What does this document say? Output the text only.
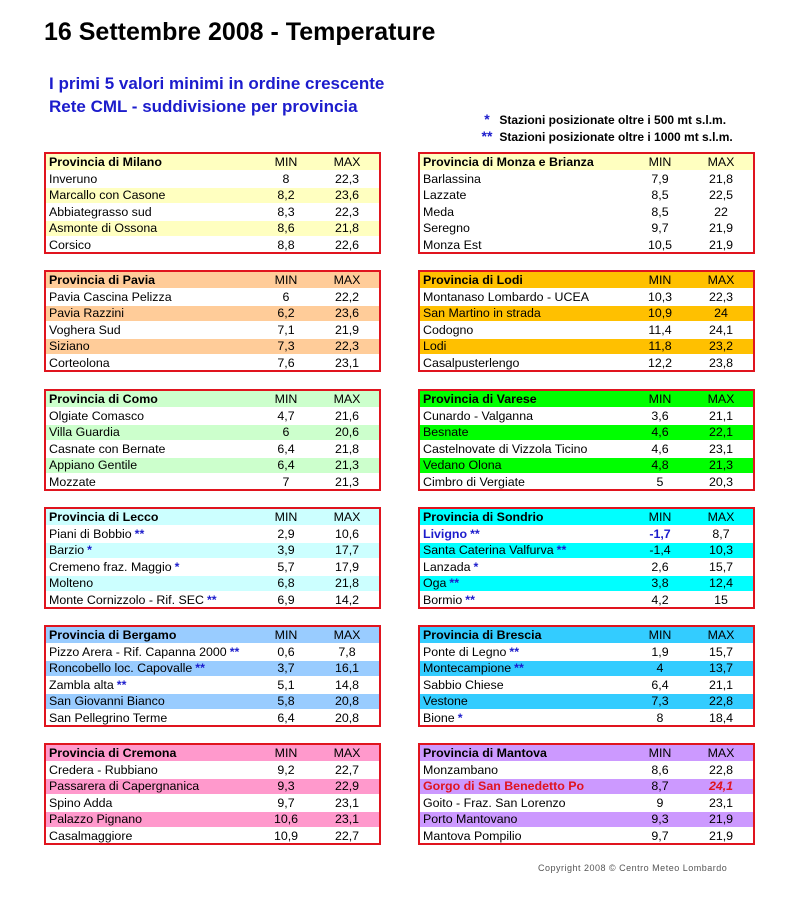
16 Settembre 2008 - Temperature
I primi 5 valori minimi in ordine crescente
Rete CML - suddivisione per provincia
* Stazioni posizionate oltre i 500 mt s.l.m.
** Stazioni posizionate oltre i 1000 mt s.l.m.
Provincia di Milano	MIN	MAX
Inveruno	8	22,3
Marcallo con Casone	8,2	23,6
Abbiategrasso sud	8,3	22,3
Asmonte di Ossona	8,6	21,8
Corsico	8,8	22,6
Provincia di Monza e Brianza	MIN	MAX
Barlassina	7,9	21,8
Lazzate	8,5	22,5
Meda	8,5	22
Seregno	9,7	21,9
Monza Est	10,5	21,9
Provincia di Pavia	MIN	MAX
Pavia Cascina Pelizza	6	22,2
Pavia Razzini	6,2	23,6
Voghera Sud	7,1	21,9
Siziano	7,3	22,3
Corteolona	7,6	23,1
Provincia di Lodi	MIN	MAX
Montanaso Lombardo - UCEA	10,3	22,3
San Martino in strada	10,9	24
Codogno	11,4	24,1
Lodi	11,8	23,2
Casalpusterlengo	12,2	23,8
Provincia di Como	MIN	MAX
Olgiate Comasco	4,7	21,6
Villa Guardia	6	20,6
Casnate con Bernate	6,4	21,8
Appiano Gentile	6,4	21,3
Mozzate	7	21,3
Provincia di Varese	MIN	MAX
Cunardo - Valganna	3,6	21,1
Besnate	4,6	22,1
Castelnovate di Vizzola Ticino	4,6	23,1
Vedano Olona	4,8	21,3
Cimbro di Vergiate	5	20,3
Provincia di Lecco	MIN	MAX
Piani di Bobbio **	2,9	10,6
Barzio *	3,9	17,7
Cremeno fraz. Maggio *	5,7	17,9
Molteno	6,8	21,8
Monte Cornizzolo - Rif. SEC **	6,9	14,2
Provincia di Sondrio	MIN	MAX
Livigno **	-1,7	8,7
Santa Caterina Valfurva **	-1,4	10,3
Lanzada *	2,6	15,7
Oga **	3,8	12,4
Bormio **	4,2	15
Provincia di Bergamo	MIN	MAX
Pizzo Arera - Rif. Capanna 2000 **	0,6	7,8
Roncobello loc. Capovalle **	3,7	16,1
Zambla alta **	5,1	14,8
San Giovanni Bianco	5,8	20,8
San Pellegrino Terme	6,4	20,8
Provincia di Brescia	MIN	MAX
Ponte di Legno **	1,9	15,7
Montecampione **	4	13,7
Sabbio Chiese	6,4	21,1
Vestone	7,3	22,8
Bione *	8	18,4
Provincia di Cremona	MIN	MAX
Credera - Rubbiano	9,2	22,7
Passarera di Capergnanica	9,3	22,9
Spino Adda	9,7	23,1
Palazzo Pignano	10,6	23,1
Casalmaggiore	10,9	22,7
Provincia di Mantova	MIN	MAX
Monzambano	8,6	22,8
Gorgo di San Benedetto Po	8,7	24,1
Goito - Fraz. San Lorenzo	9	23,1
Porto Mantovano	9,3	21,9
Mantova Pompilio	9,7	21,9
Copyright 2008 © Centro Meteo Lombardo
